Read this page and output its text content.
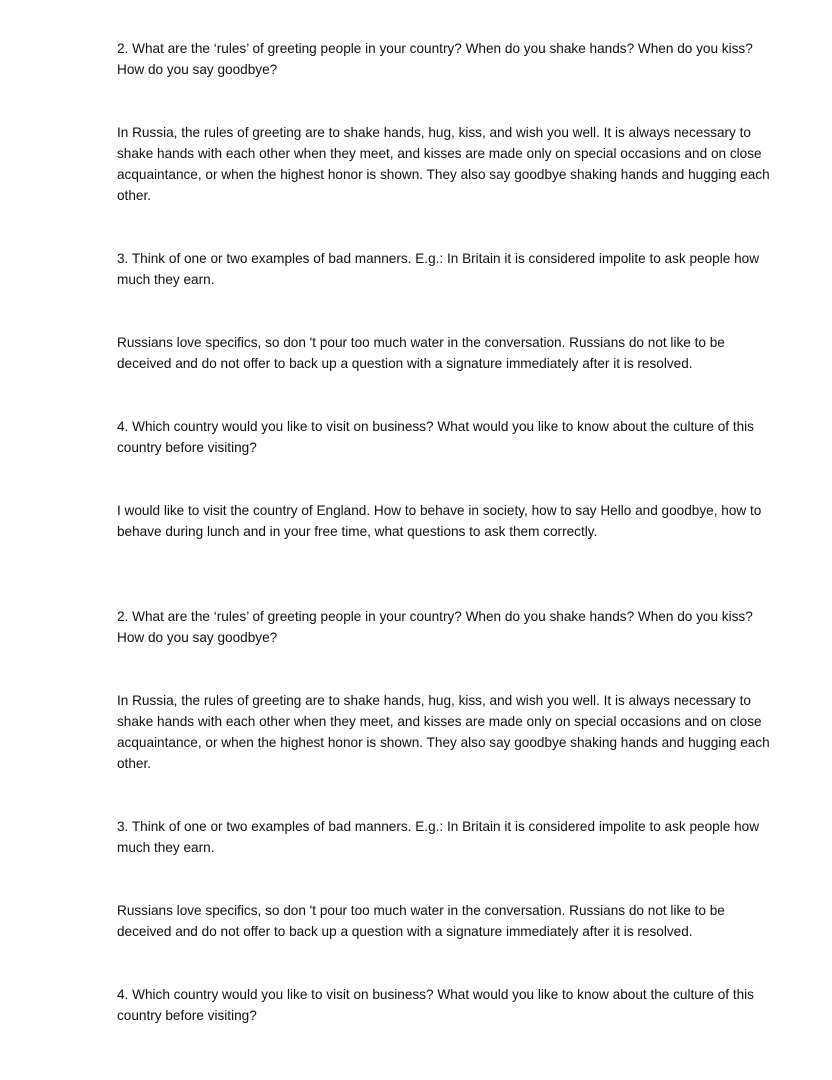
2. What are the ‘rules’ of greeting people in your country? When do you shake hands? When do you kiss? How do you say goodbye?

In Russia, the rules of greeting are to shake hands, hug, kiss, and wish you well. It is always necessary to shake hands with each other when they meet, and kisses are made only on special occasions and on close acquaintance, or when the highest honor is shown. They also say goodbye shaking hands and hugging each other.

3. Think of one or two examples of bad manners. E.g.: In Britain it is considered impolite to ask people how much they earn.

Russians love specifics, so don 't pour too much water in the conversation. Russians do not like to be deceived and do not offer to back up a question with a signature immediately after it is resolved.

4. Which country would you like to visit on business? What would you like to know about the culture of this country before visiting?

I would like to visit the country of England. How to behave in society, how to say Hello and goodbye, how to behave during lunch and in your free time, what questions to ask them correctly.

2. What are the ‘rules’ of greeting people in your country? When do you shake hands? When do you kiss? How do you say goodbye?

In Russia, the rules of greeting are to shake hands, hug, kiss, and wish you well. It is always necessary to shake hands with each other when they meet, and kisses are made only on special occasions and on close acquaintance, or when the highest honor is shown. They also say goodbye shaking hands and hugging each other.

3. Think of one or two examples of bad manners. E.g.: In Britain it is considered impolite to ask people how much they earn.

Russians love specifics, so don 't pour too much water in the conversation. Russians do not like to be deceived and do not offer to back up a question with a signature immediately after it is resolved.

4. Which country would you like to visit on business? What would you like to know about the culture of this country before visiting?
